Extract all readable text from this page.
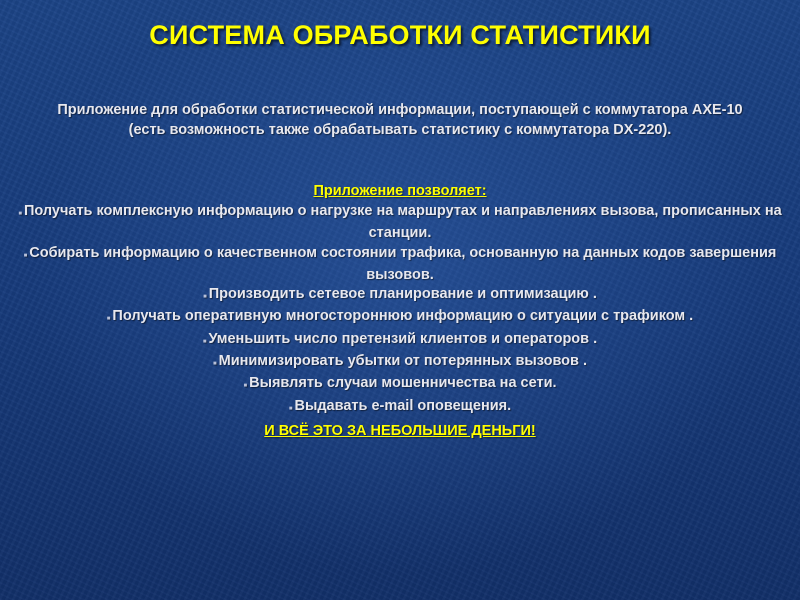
СИСТЕМА ОБРАБОТКИ СТАТИСТИКИ
Приложение для обработки статистической информации, поступающей с коммутатора AXE-10 (есть возможность также обрабатывать статистику с коммутатора DX-220).
Приложение позволяет:
■ Получать комплексную информацию о нагрузке на маршрутах и направлениях вызова, прописанных на станции.
■ Собирать информацию о качественном состоянии трафика, основанную на данных кодов завершения вызовов.
■ Производить сетевое планирование и оптимизацию .
■ Получать оперативную многостороннюю информацию о ситуации с трафиком .
■ Уменьшить число претензий клиентов и операторов .
■ Минимизировать убытки от потерянных вызовов .
■ Выявлять случаи мошенничества на сети.
■ Выдавать e-mail оповещения.
И ВСЁ ЭТО ЗА НЕБОЛЬШИЕ ДЕНЬГИ!
